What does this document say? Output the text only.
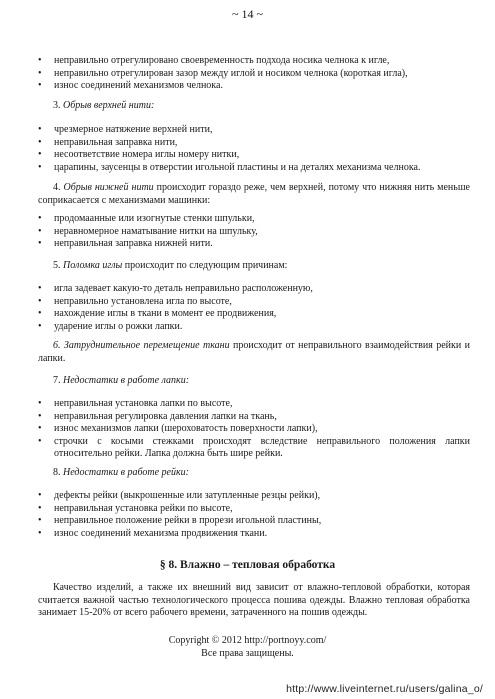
~ 14 ~
• неправильно отрегулировано своевременность подхода носика челнока к игле,
• неправильно отрегулирован зазор между иглой и носиком челнока (короткая игла),
• износ соединений механизмов челнока.

3. Обрыв верхней нити:

• чрезмерное натяжение верхней нити,
• неправильная заправка нити,
• несоответствие номера иглы номеру нитки,
• царапины, заусенцы в отверстии игольной пластины и на деталях механизма челнока.

4. Обрыв нижней нити происходит гораздо реже, чем верхней, потому что нижняя нить меньше соприкасается с механизмами машинки:

• продомаанные или изогнутые стенки шпульки,
• неравномерное наматывание нитки на шпульку,
• неправильная заправка нижней нити.

5. Поломка иглы происходит по следующим причинам:

• игла задевает какую-то деталь неправильно расположенную,
• неправильно установлена игла по высоте,
• нахождение иглы в ткани в момент ее продвижения,
• ударение иглы о рожки лапки.

6. Затруднительное перемещение ткани происходит от неправильного взаимодействия рейки и лапки.

7. Недостатки в работе лапки:

• неправильная установка лапки по высоте,
• неправильная регулировка давления лапки на ткань,
• износ механизмов лапки (шероховатость поверхности лапки),
• строчки с косыми стежками происходят вследствие неправильного положения лапки относительно рейки. Лапка должна быть шире рейки.

8. Недостатки в работе рейки:

• дефекты рейки (выкрошенные или затупленные резцы рейки),
• неправильная установка рейки по высоте,
• неправильное положение рейки в прорези игольной пластины,
• износ соединений механизма продвижения ткани.
§ 8. Влажно – тепловая обработка

Качество изделий, а также их внешний вид зависит от влажно-тепловой обработки, которая считается важной частью технологического процесса пошива одежды. Влажно тепловая обработка занимает 15-20% от всего рабочего времени, затраченного на пошив одежды.

Copyright © 2012 http://portnoyy.com/
Все права защищены.
http://www.liveinternet.ru/users/galina_o/
